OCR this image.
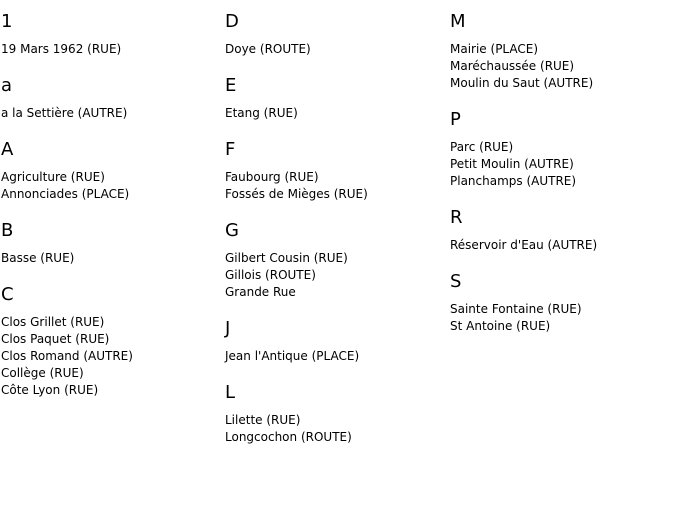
1
19 Mars 1962 (RUE)
a
a la Settière (AUTRE)
A
Agriculture (RUE)
Annonciades (PLACE)
B
Basse (RUE)
C
Clos Grillet (RUE)
Clos Paquet (RUE)
Clos Romand (AUTRE)
Collège (RUE)
Côte Lyon (RUE)
D
Doye (ROUTE)
E
Etang (RUE)
F
Faubourg (RUE)
Fossés de Mièges (RUE)
G
Gilbert Cousin (RUE)
Gillois (ROUTE)
Grande Rue
J
Jean l'Antique (PLACE)
L
Lilette (RUE)
Longcochon (ROUTE)
M
Mairie (PLACE)
Maréchaussée (RUE)
Moulin du Saut (AUTRE)
P
Parc (RUE)
Petit Moulin (AUTRE)
Planchamps (AUTRE)
R
Réservoir d'Eau (AUTRE)
S
Sainte Fontaine (RUE)
St Antoine (RUE)
